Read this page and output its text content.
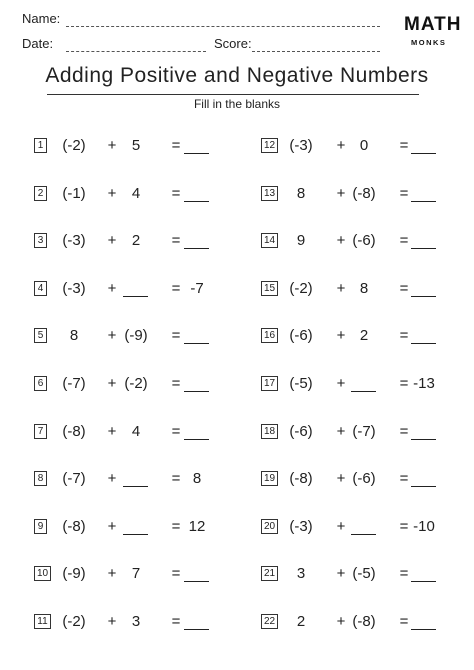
Name:
Date:	Score:
MATH
MONKS
Adding Positive and Negative Numbers
Fill in the blanks
1	(-2)	+	5	=
2	(-1)	+	4	=
3	(-3)	+	2	=
4	(-3)	+	= -7
5	8	+ (-9)	=
6	(-7)	+ (-2)	=
7	(-8)	+	4	=
8	(-7)	+	= 8
9	(-8)	+	= 12
10 (-9)	+	7	=
11 (-2)	+	3	=
12 (-3)	+ 0	=
13	8	+ (-8)	=
14	9	+ (-6)	=
15 (-2)	+ 8	=
16 (-6)	+ 2	=
17 (-5)	+	= -13
18 (-6)	+ (-7)	=
19 (-8)	+ (-6)	=
20 (-3)	+	= -10
21	3	+ (-5)	=
22	2	+ (-8)	=
